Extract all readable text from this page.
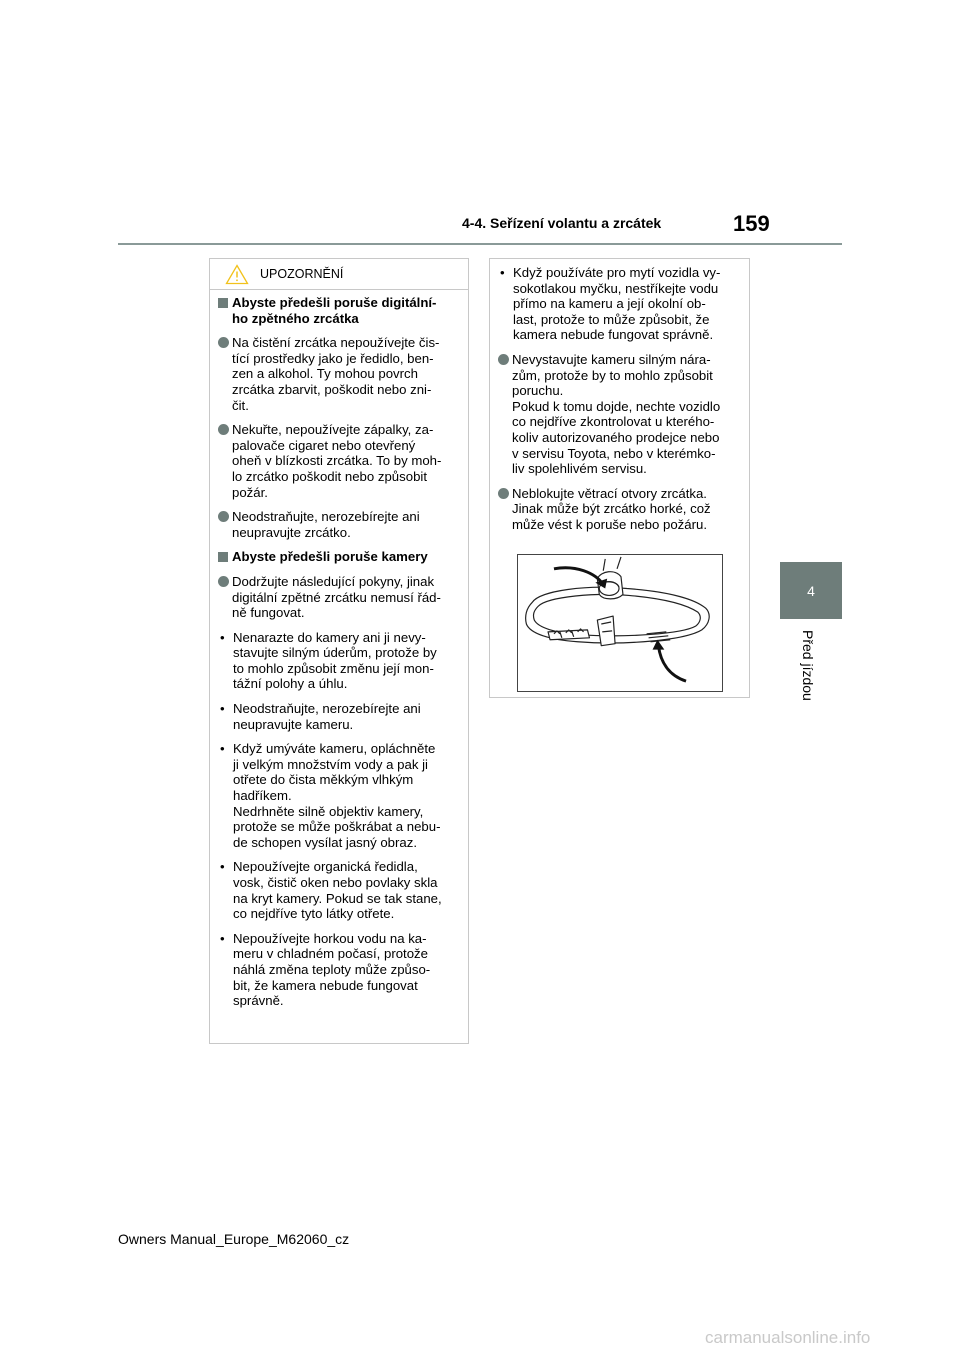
4-4. Seřízení volantu a zrcátek	159
4
Před jízdou
UPOZORNĚNÍ
Abyste předešli poruše digitální-
ho zpětného zrcátka
Na čistění zrcátka nepoužívejte čis-
tící prostředky jako je ředidlo, ben-
zen a alkohol. Ty mohou povrch
zrcátka zbarvit, poškodit nebo zni-
čit.
Nekuřte, nepoužívejte zápalky, za-
palovače cigaret nebo otevřený
oheň v blízkosti zrcátka. To by moh-
lo zrcátko poškodit nebo způsobit
požár.
Neodstraňujte, nerozebírejte ani
neupravujte zrcátko.
Abyste předešli poruše kamery
Dodržujte následující pokyny, jinak
digitální zpětné zrcátku nemusí řád-
ně fungovat.
• Nenarazte do kamery ani ji nevy-
stavujte silným úderům, protože by
to mohlo způsobit změnu její mon-
tážní polohy a úhlu.
• Neodstraňujte, nerozebírejte ani
neupravujte kameru.
• Když umýváte kameru, opláchněte
ji velkým množstvím vody a pak ji
otřete do čista měkkým vlhkým
hadříkem.
Nedrhněte silně objektiv kamery,
protože se může poškrábat a nebu-
de schopen vysílat jasný obraz.
• Nepoužívejte organická ředidla,
vosk, čistič oken nebo povlaky skla
na kryt kamery. Pokud se tak stane,
co nejdříve tyto látky otřete.
• Nepoužívejte horkou vodu na ka-
meru v chladném počasí, protože
náhlá změna teploty může způso-
bit, že kamera nebude fungovat
správně.
• Když používáte pro mytí vozidla vy-
sokotlakou myčku, nestříkejte vodu
přímo na kameru a její okolní ob-
last, protože to může způsobit, že
kamera nebude fungovat správně.
Nevystavujte kameru silným nára-
zům, protože by to mohlo způsobit
poruchu.
Pokud k tomu dojde, nechte vozidlo
co nejdříve zkontrolovat u kterého-
koliv autorizovaného prodejce nebo
v servisu Toyota, nebo v kterémko-
liv spolehlivém servisu.
Neblokujte větrací otvory zrcátka.
Jinak může být zrcátko horké, což
může vést k poruše nebo požáru.
Owners Manual_Europe_M62060_cz
carmanualsonline.info
